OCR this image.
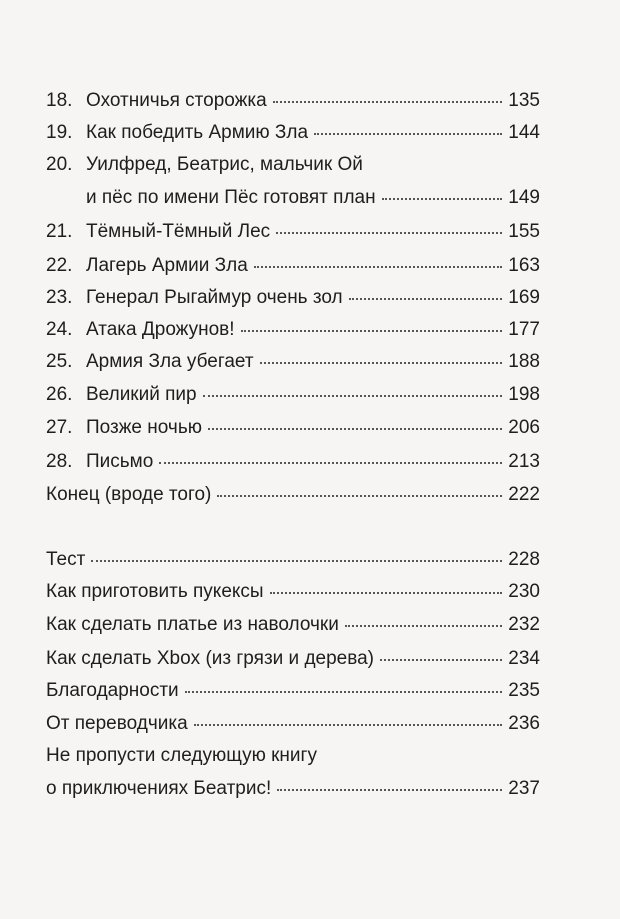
18. Охотничья сторожка	135
19. Как победить Армию Зла	144
20. Уилфред, Беатрис, мальчик Ой
и пёс по имени Пёс готовят план	149
21. Тёмный-Тёмный Лес	155
22. Лагерь Армии Зла	163
23. Генерал Рыгаймур очень зол	169
24. Атака Дрожунов!	177
25. Армия Зла убегает	188
26. Великий пир	198
27. Позже ночью	206
28. Письмо	213
Конец (вроде того)	222
Тест	228
Как приготовить пукексы	230
Как сделать платье из наволочки	232
Как сделать Xbox (из грязи и дерева)	234
Благодарности	235
От переводчика	236
Не пропусти следующую книгу
о приключениях Беатрис!	237
